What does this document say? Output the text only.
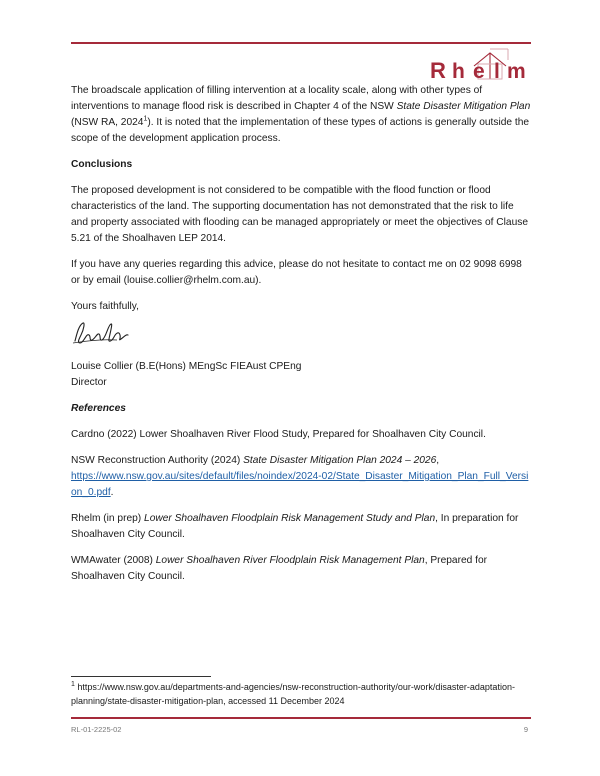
R h e l m

The broadscale application of filling intervention at a locality scale, along with other types of interventions to manage flood risk is described in Chapter 4 of the NSW State Disaster Mitigation Plan (NSW RA, 2024$^1$). It is noted that the implementation of these types of actions is generally outside the scope of the development application process.

Conclusions

The proposed development is not considered to be compatible with the flood function or flood characteristics of the land. The supporting documentation has not demonstrated that the risk to life and property associated with flooding can be managed appropriately or meet the objectives of Clause 5.21 of the Shoalhaven LEP 2014.

If you have any queries regarding this advice, please do not hesitate to contact me on 02 9098 6998 or by email (louise.collier@rhelm.com.au).

Yours faithfully,

Louise Collier (B.E(Hons) MEngSc FIEAust CPEng

Director

References

Cardno (2022) Lower Shoalhaven River Flood Study, Prepared for Shoalhaven City Council.

NSW Reconstruction Authority (2024) State Disaster Mitigation Plan 2024 – 2026,
https://www.nsw.gov.au/sites/default/files/noindex/2024-02/State_Disaster_Mitigation_Plan_Full_Version_0.pdf.

Rhelm (in prep) Lower Shoalhaven Floodplain Risk Management Study and Plan, In preparation for Shoalhaven City Council.

WMAwater (2008) Lower Shoalhaven River Floodplain Risk Management Plan, Prepared for Shoalhaven City Council.

$^1$ https://www.nsw.gov.au/departments-and-agencies/nsw-reconstruction-authority/our-work/disaster-adaptation-planning/state-disaster-mitigation-plan, accessed 11 December 2024
RL-01-2225-02	9
